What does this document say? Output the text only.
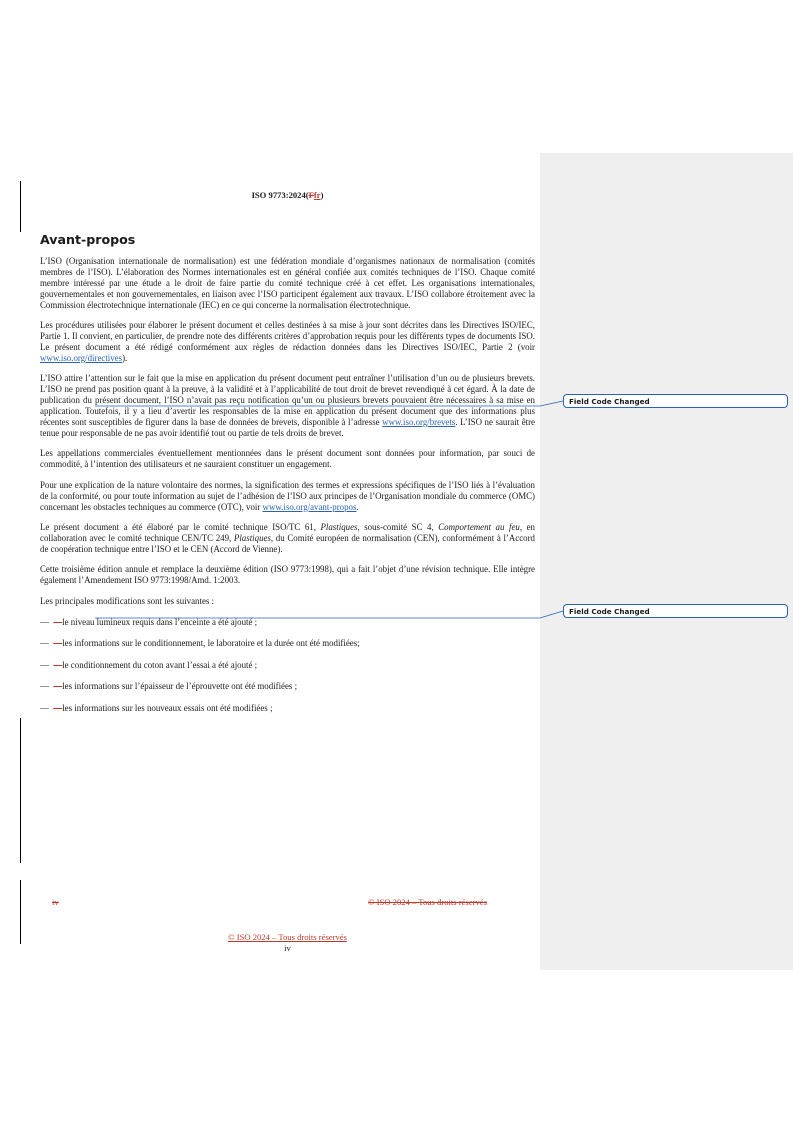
ISO 9773:2024(Ffr)
Avant-propos

L’ISO (Organisation internationale de normalisation) est une fédération mondiale d’organismes nationaux de normalisation (comités membres de l’ISO). L’élaboration des Normes internationales est en général confiée aux comités techniques de l’ISO. Chaque comité membre intéressé par une étude a le droit de faire partie du comité technique créé à cet effet. Les organisations internationales, gouvernementales et non gouvernementales, en liaison avec l’ISO participent également aux travaux. L’ISO collabore étroitement avec la Commission électrotechnique internationale (IEC) en ce qui concerne la normalisation électrotechnique.

Les procédures utilisées pour élaborer le présent document et celles destinées à sa mise à jour sont décrites dans les Directives ISO/IEC, Partie 1. Il convient, en particulier, de prendre note des différents critères d’approbation requis pour les différents types de documents ISO. Le présent document a été rédigé conformément aux règles de rédaction données dans les Directives ISO/IEC, Partie 2 (voir www.iso.org/directives).

L’ISO attire l’attention sur le fait que la mise en application du présent document peut entraîner l’utilisation d’un ou de plusieurs brevets. L’ISO ne prend pas position quant à la preuve, à la validité et à l’applicabilité de tout droit de brevet revendiqué à cet égard. À la date de publication du présent document, l’ISO n’avait pas reçu notification qu’un ou plusieurs brevets pouvaient être nécessaires à sa mise en application. Toutefois, il y a lieu d’avertir les responsables de la mise en application du présent document que des informations plus récentes sont susceptibles de figurer dans la base de données de brevets, disponible à l’adresse www.iso.org/brevets. L’ISO ne saurait être tenue pour responsable de ne pas avoir identifié tout ou partie de tels droits de brevet.

Les appellations commerciales éventuellement mentionnées dans le présent document sont données pour information, par souci de commodité, à l’intention des utilisateurs et ne sauraient constituer un engagement.

Pour une explication de la nature volontaire des normes, la signification des termes et expressions spécifiques de l’ISO liés à l’évaluation de la conformité, ou pour toute information au sujet de l’adhésion de l’ISO aux principes de l’Organisation mondiale du commerce (OMC) concernant les obstacles techniques au commerce (OTC), voir www.iso.org/avant-propos.

Le présent document a été élaboré par le comité technique ISO/TC 61, Plastiques, sous-comité SC 4, Comportement au feu, en collaboration avec le comité technique CEN/TC 249, Plastiques, du Comité européen de normalisation (CEN), conformément à l’Accord de coopération technique entre l’ISO et le CEN (Accord de Vienne).

Cette troisième édition annule et remplace la deuxième édition (ISO 9773:1998), qui a fait l’objet d’une révision technique. Elle intègre également l’Amendement ISO 9773:1998/Amd. 1:2003.

Les principales modifications sont les suivantes :

— —le niveau lumineux requis dans l’enceinte a été ajouté ;

— —les informations sur le conditionnement, le laboratoire et la durée ont été modifiées;

— —le conditionnement du coton avant l’essai a été ajouté ;

— —les informations sur l’épaisseur de l’éprouvette ont été modifiées ;

— —les informations sur les nouveaux essais ont été modifiées ;

Field Code Changed
Field Code Changed
iv	© ISO 2024 – Tous droits réservés
© ISO 2024 – Tous droits réservés
iv
